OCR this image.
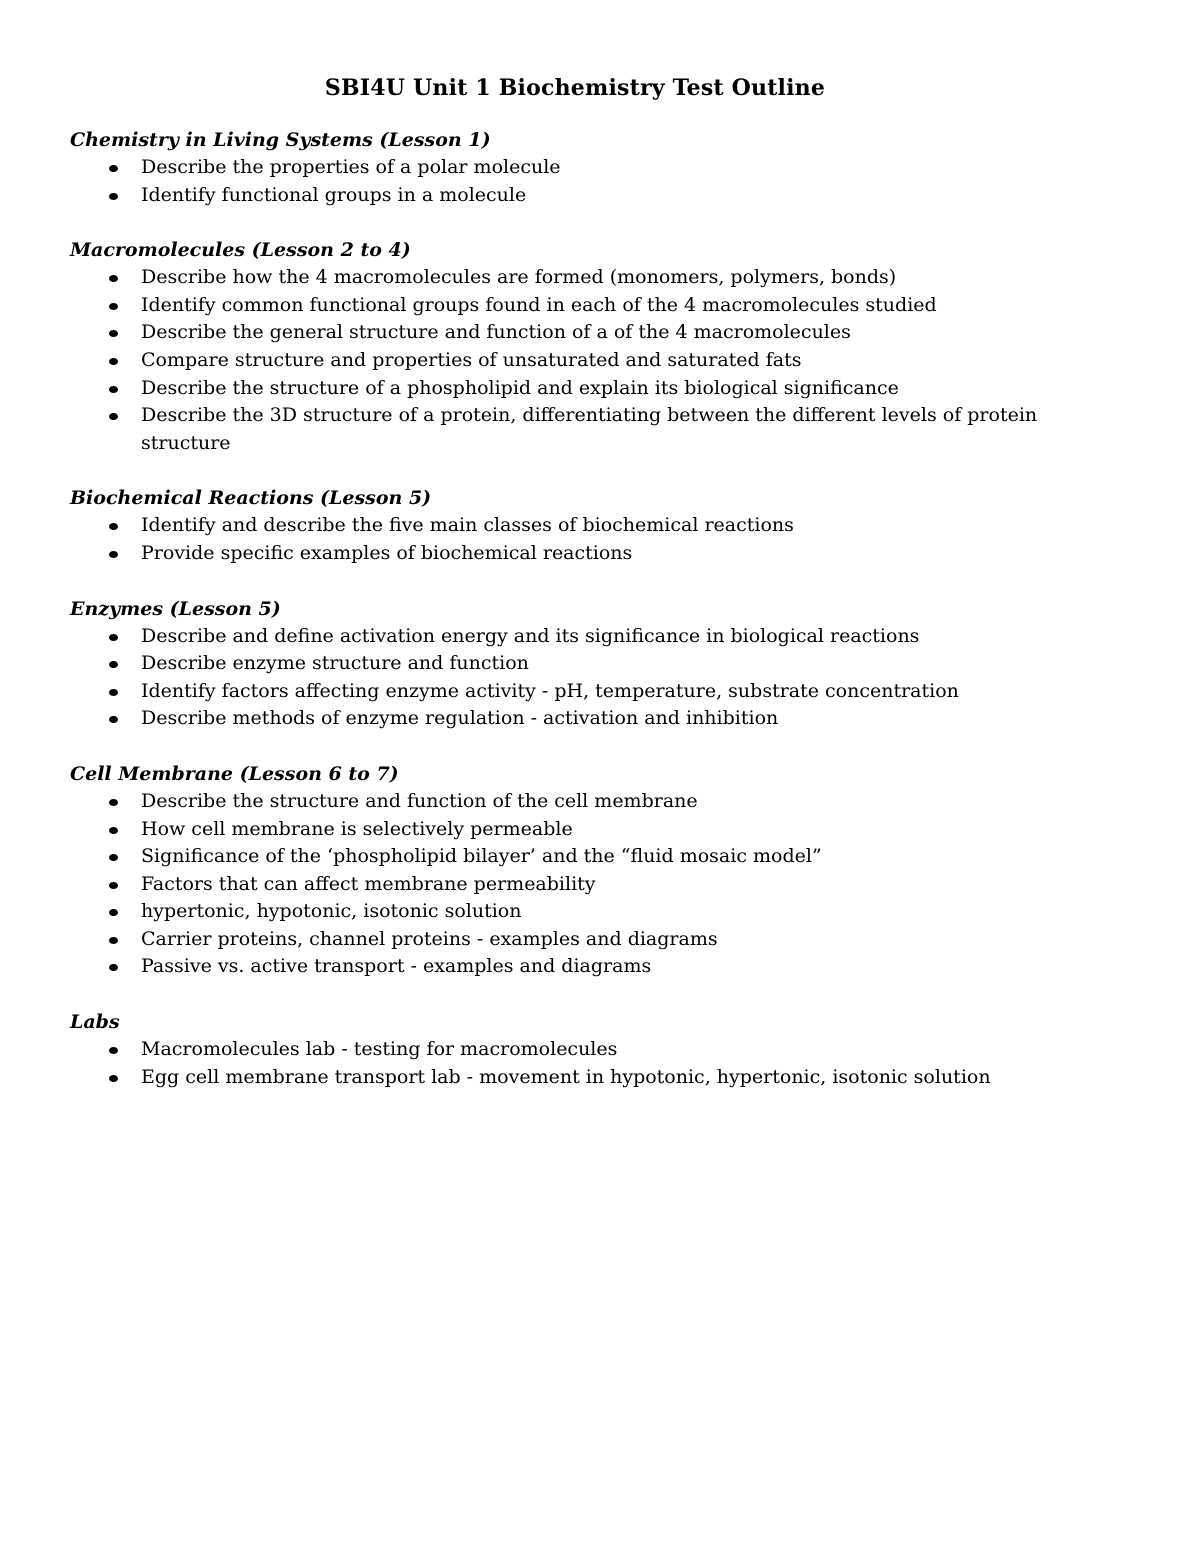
SBI4U Unit 1 Biochemistry Test Outline
Chemistry in Living Systems (Lesson 1)
Describe the properties of a polar molecule
Identify functional groups in a molecule
Macromolecules (Lesson 2 to 4)
Describe how the 4 macromolecules are formed (monomers, polymers, bonds)
Identify common functional groups found in each of the 4 macromolecules studied
Describe the general structure and function of a of the 4 macromolecules
Compare structure and properties of unsaturated and saturated fats
Describe the structure of a phospholipid and explain its biological significance
Describe the 3D structure of a protein, differentiating between the different levels of protein structure
Biochemical Reactions (Lesson 5)
Identify and describe the five main classes of biochemical reactions
Provide specific examples of biochemical reactions
Enzymes (Lesson 5)
Describe and define activation energy and its significance in biological reactions
Describe enzyme structure and function
Identify factors affecting enzyme activity - pH, temperature, substrate concentration
Describe methods of enzyme regulation - activation and inhibition
Cell Membrane (Lesson 6 to 7)
Describe the structure and function of the cell membrane
How cell membrane is selectively permeable
Significance of the ‘phospholipid bilayer’ and the “fluid mosaic model”
Factors that can affect membrane permeability
hypertonic, hypotonic, isotonic solution
Carrier proteins, channel proteins - examples and diagrams
Passive vs. active transport - examples and diagrams
Labs
Macromolecules lab - testing for macromolecules
Egg cell membrane transport lab - movement in hypotonic, hypertonic, isotonic solution
